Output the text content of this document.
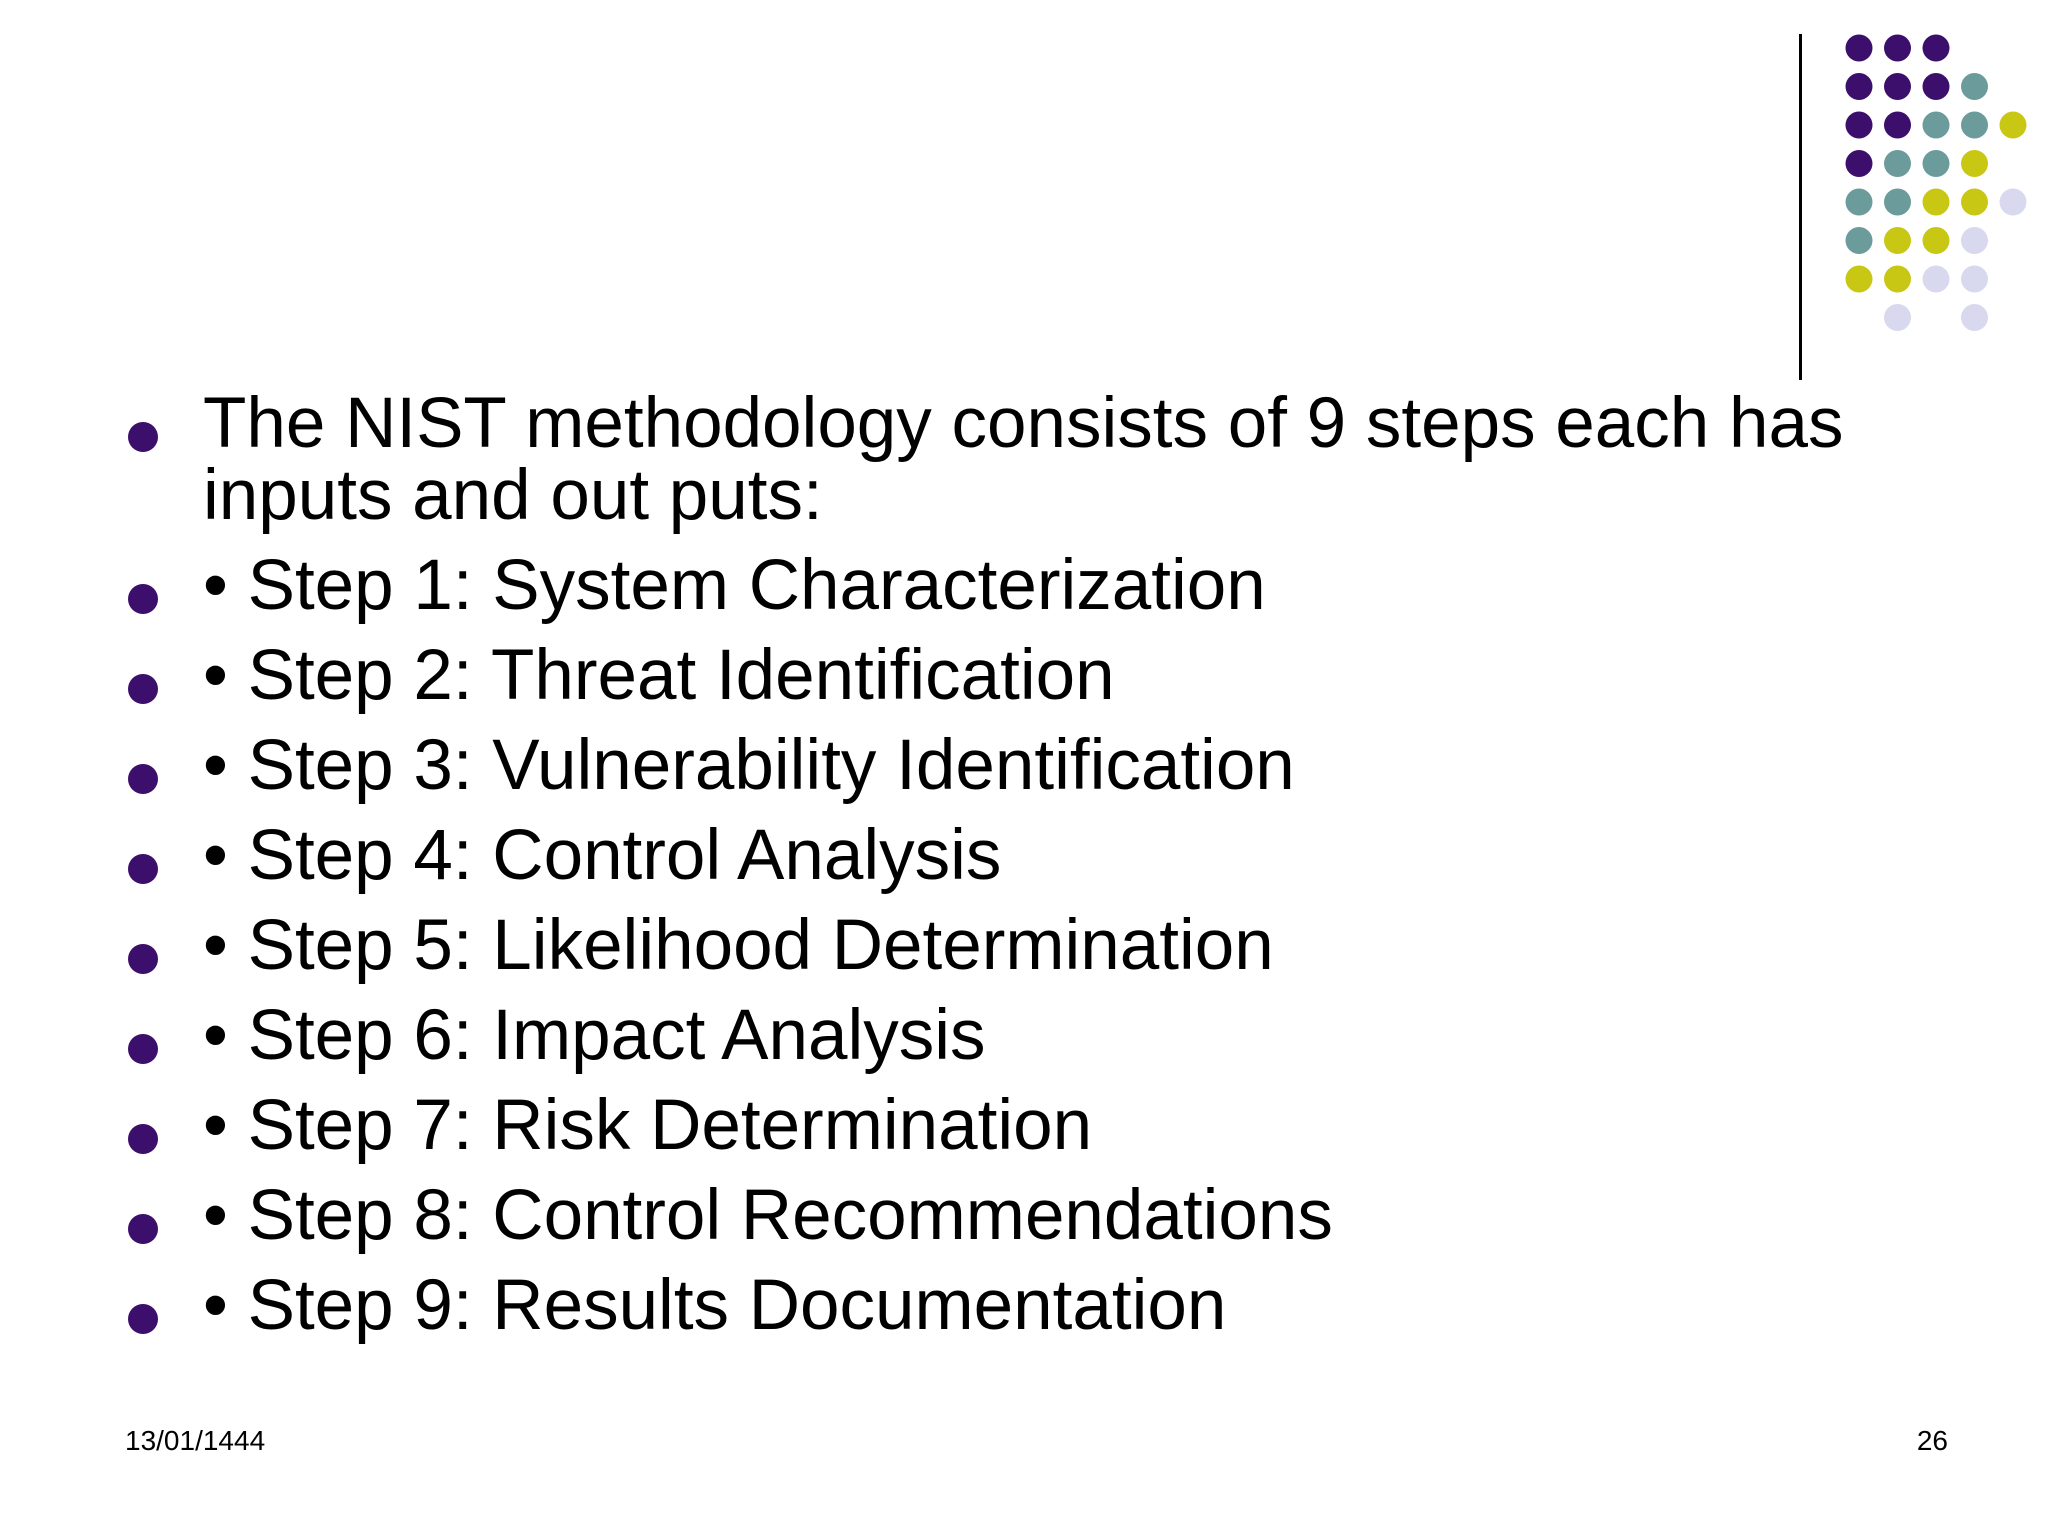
The NIST methodology consists of 9 steps each has inputs and out puts:
• Step 1: System Characterization
• Step 2: Threat Identification
• Step 3: Vulnerability Identification
• Step 4: Control Analysis
• Step 5: Likelihood Determination
• Step 6: Impact Analysis
• Step 7: Risk Determination
• Step 8: Control Recommendations
• Step 9: Results Documentation
13/01/1444	26
